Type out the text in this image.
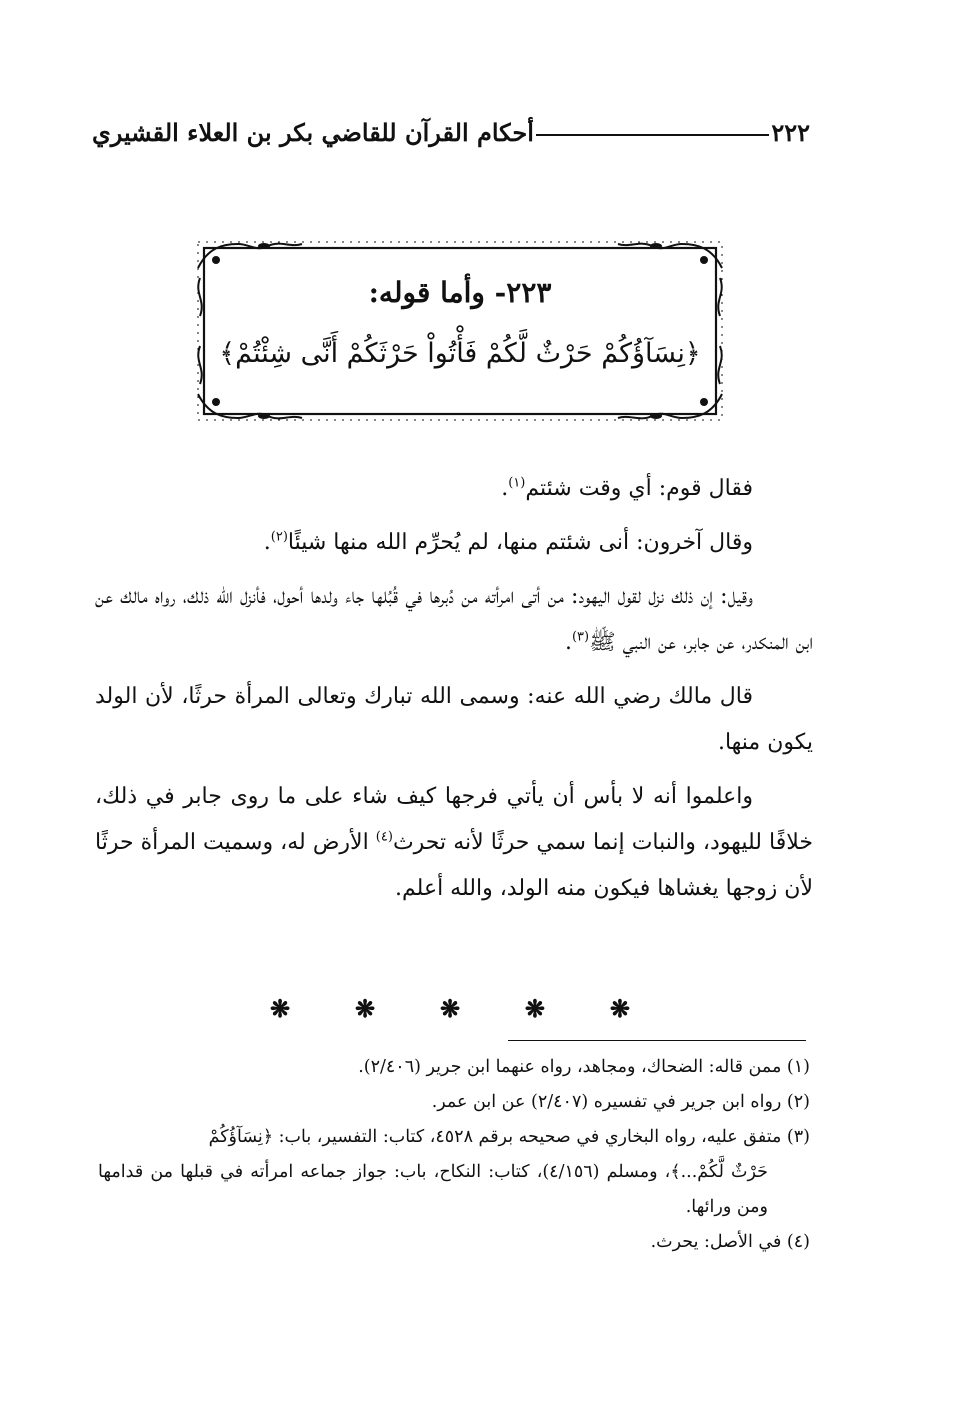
٢٢٢
أحكام القرآن للقاضي بكر بن العلاء القشيري
٢٢٣- وأما قوله:
﴿نِسَآؤُكُمْ حَرْثٌ لَّكُمْ فَأْتُواْ حَرْثَكُمْ أَنَّى شِئْتُمْ﴾

فقال قوم: أي وقت شئتم$^{(١)}$.

وقال آخرون: أنى شئتم منها، لم يُحرِّم الله منها شيئًا$^{(٢)}$.

وقيل: إن ذلك نزل لقول اليهود: من أتى امرأته من دُبرها في قُبُلها جاء ولدها أحول، فأنزل الله ذلك، رواه مالك عن ابن المنكدر، عن جابر، عن النبي ﷺ$^{(٣)}$.

قال مالك رضي الله عنه: وسمى الله تبارك وتعالى المرأة حرثًا، لأن الولد يكون منها.

واعلموا أنه لا بأس أن يأتي فرجها كيف شاء على ما روى جابر في ذلك، خلافًا لليهود، والنبات إنما سمي حرثًا لأنه تحرث$^{(٤)}$ الأرض له، وسميت المرأة حرثًا لأن زوجها يغشاها فيكون منه الولد، والله أعلم.

❋	❋	❋	❋	❋

(١) ممن قاله: الضحاك، ومجاهد، رواه عنهما ابن جرير (٢/٤٠٦).

(٢) رواه ابن جرير في تفسيره (٢/٤٠٧) عن ابن عمر.

(٣) متفق عليه، رواه البخاري في صحيحه برقم ٤٥٢٨، كتاب: التفسير، باب: ﴿نِسَآؤُكُمْ

حَرْثٌ لَّكُمْ...﴾، ومسلم (٤/١٥٦)، كتاب: النكاح، باب: جواز جماعه امرأته في قبلها من قدامها ومن ورائها.

(٤) في الأصل: يحرث.
